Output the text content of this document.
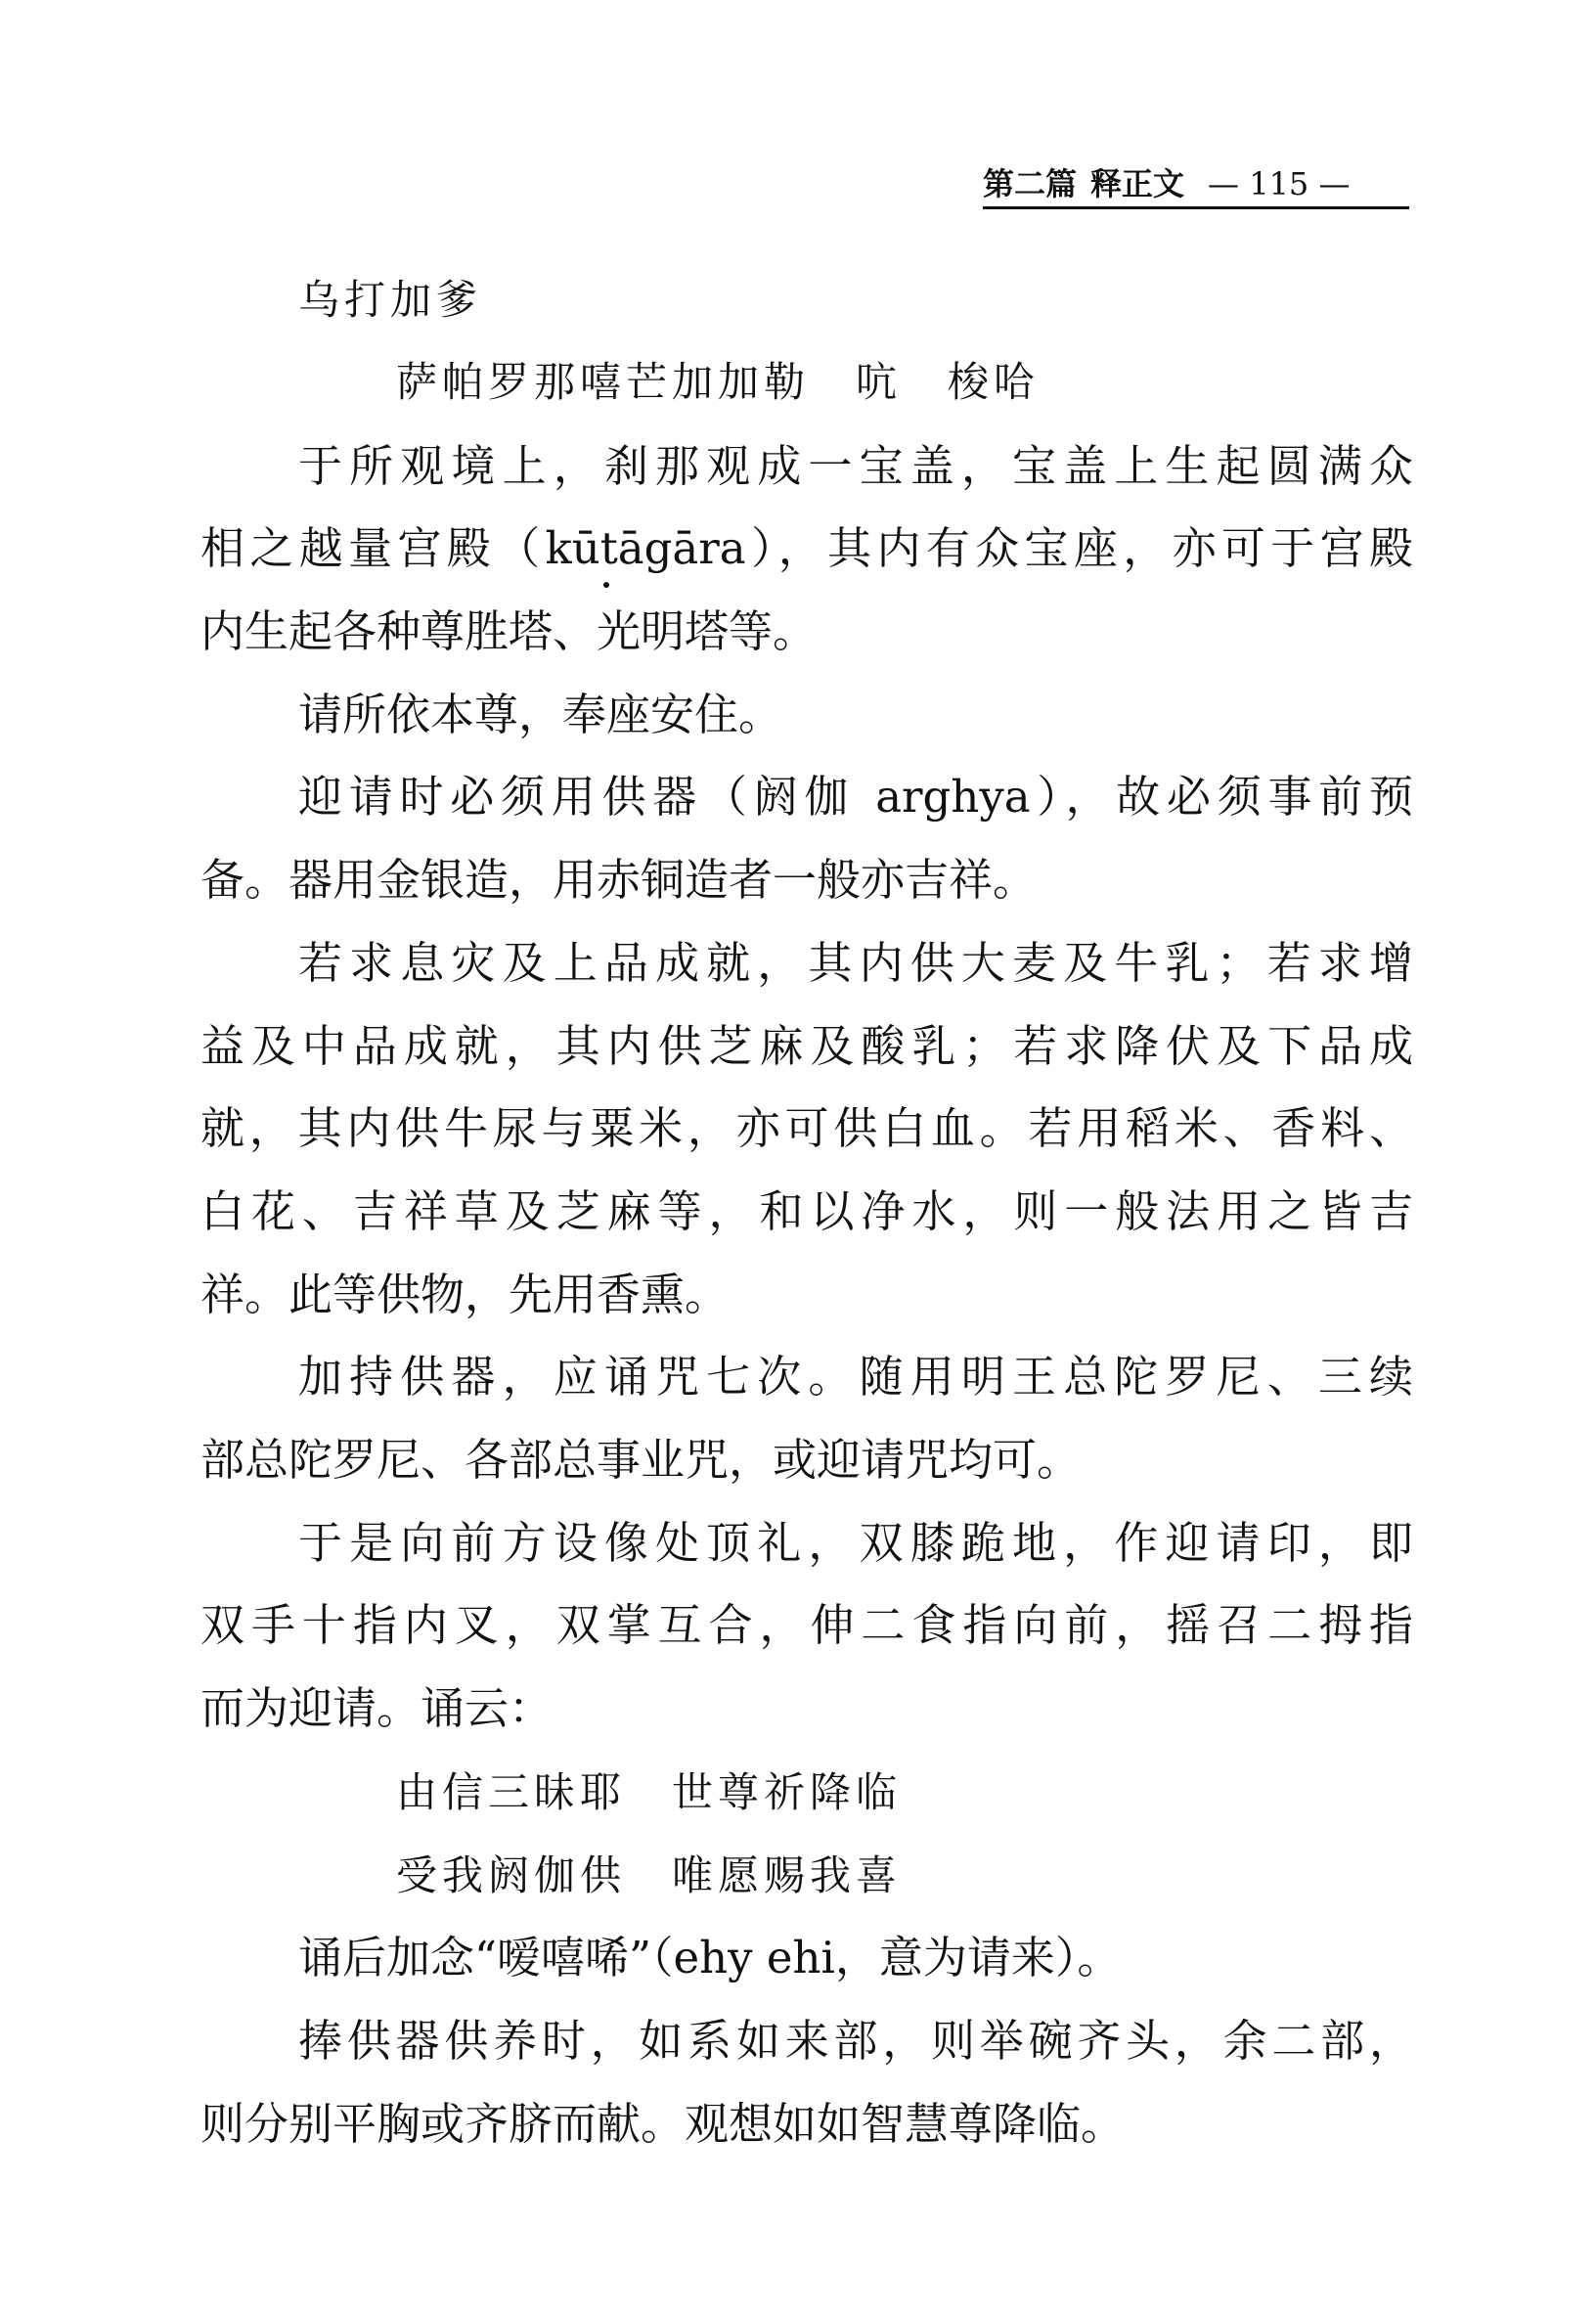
第二篇 释正文 — 115 —
乌打加爹
萨帕罗那嘻芒加加勒　吭　梭哈
于所观境上，刹那观成一宝盖，宝盖上生起圆满众
相之越量宫殿（kūtāgāra），其内有众宝座，亦可于宫殿
内生起各种尊胜塔、光明塔等。
请所依本尊，奉座安住。
迎请时必须用供器（阏伽 arghya），故必须事前预
备。器用金银造，用赤铜造者一般亦吉祥。
若求息灾及上品成就，其内供大麦及牛乳；若求增
益及中品成就，其内供芝麻及酸乳；若求降伏及下品成
就，其内供牛尿与粟米，亦可供白血。若用稻米、香料、
白花、吉祥草及芝麻等，和以净水，则一般法用之皆吉
祥。此等供物，先用香熏。
加持供器，应诵咒七次。随用明王总陀罗尼、三续
部总陀罗尼、各部总事业咒，或迎请咒均可。
于是向前方设像处顶礼，双膝跪地，作迎请印，即
双手十指内叉，双掌互合，伸二食指向前，摇召二拇指
而为迎请。诵云：
由信三昧耶　世尊祈降临
受我阏伽供　唯愿赐我喜
诵后加念“嗳嘻唏”（ehy ehi，意为请来）。
捧供器供养时，如系如来部，则举碗齐头，余二部，
则分别平胸或齐脐而献。观想如如智慧尊降临。
